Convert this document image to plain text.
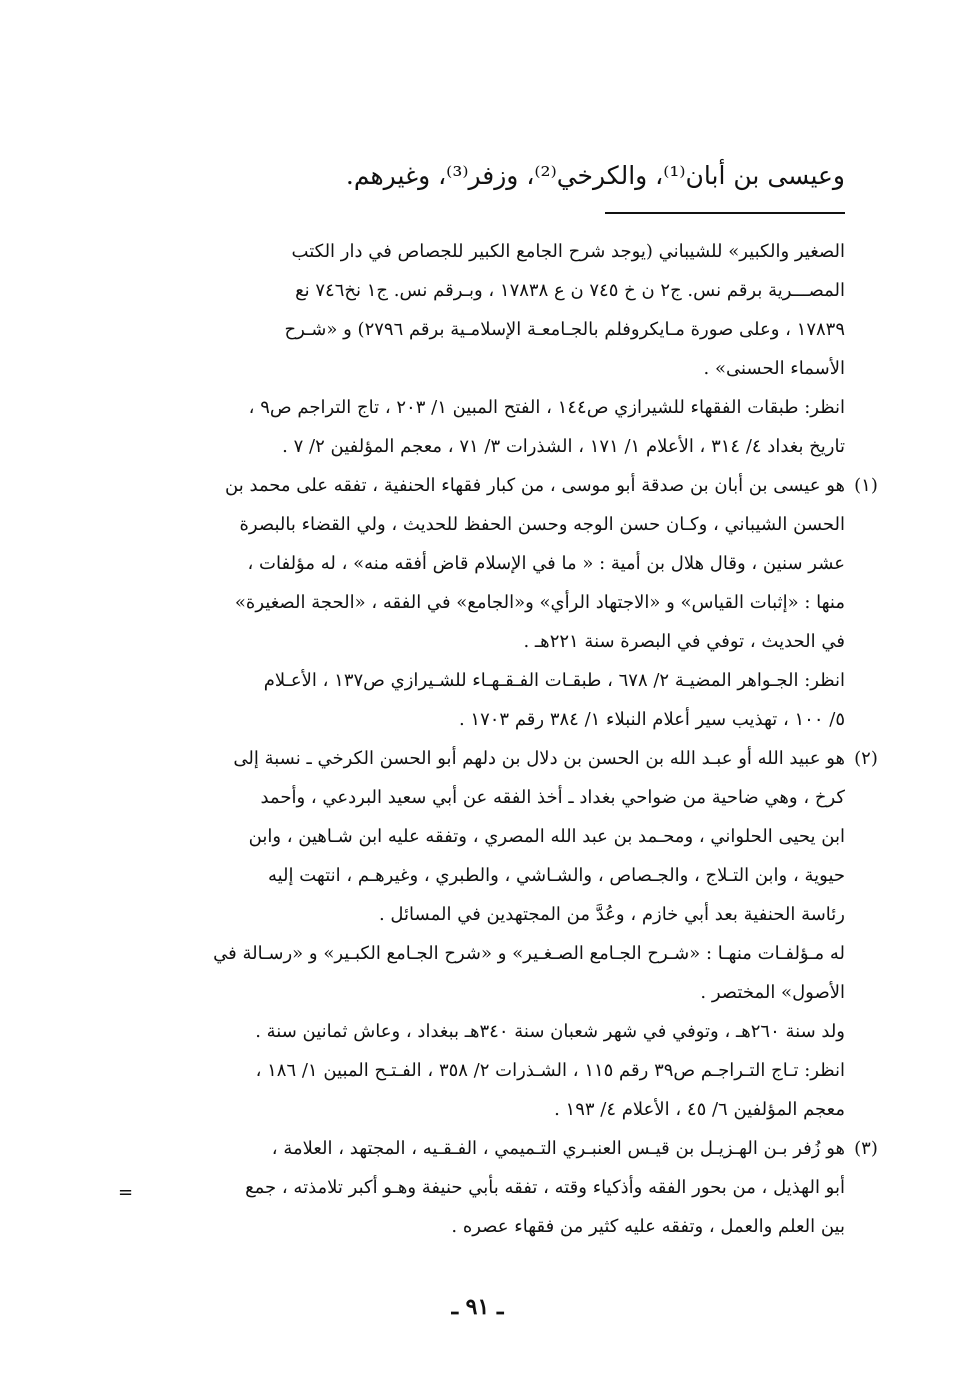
وعيسى بن أبان⁽¹⁾، والكرخي⁽²⁾، وزفر⁽³⁾، وغيرهم.
الصغير والكبير» للشيباني (يوجد شرح الجامع الكبير للجصاص في دار الكتب
المصـــرية برقم نس. ج٢ ن خ ٧٤٥ ن ع ١٧٨٣٨ ، وبـرقم نس. ج١ نخ٧٤٦ نع
١٧٨٣٩ ، وعلى صورة مـايكروفلم بالجـامعـة الإسلامـية برقم ٢٧٩٦) و «شـرح
الأسماء الحسنى» .
انظر: طبقات الفقهاء للشيرازي ص١٤٤ ، الفتح المبين ١/ ٢٠٣ ، تاج التراجم ص٩ ،
تاريخ بغداد ٤/ ٣١٤ ، الأعلام ١/ ١٧١ ، الشذرات ٣/ ٧١ ، معجم المؤلفين ٢/ ٧ .
(١)
هو عيسى بن أبان بن صدقة أبو موسى ، من كبار فقهاء الحنفية ، تفقه على محمد بن
الحسن الشيباني ، وكـان حسن الوجه وحسن الحفظ للحديث ، ولي القضاء بالبصرة
عشر سنين ، وقال هلال بن أمية : « ما في الإسلام قاض أفقه منه» ، له مؤلفات ،
منها : «إثبات القياس» و «الاجتهاد الرأي» و«الجامع» في الفقه ، «الحجة الصغيرة»
في الحديث ، توفي في البصرة سنة ٢٢١هـ .
انظر: الجـواهر المضيـة ٢/ ٦٧٨ ، طبقـات الفـقـهـاء للشـيرازي ص١٣٧ ، الأعـلام
٥/ ١٠٠ ، تهذيب سير أعلام النبلاء ١/ ٣٨٤ رقم ١٧٠٣ .
(٢)
هو عبيد الله أو عبـد الله بن الحسن بن دلال بن دلهم أبو الحسن الكرخي ـ نسبة إلى
كرخ ، وهي ضاحية من ضواحي بغداد ـ أخذ الفقه عن أبي سعيد البردعي ، وأحمد
ابن يحيى الحلواني ، ومحـمد بن عبد الله المصري ، وتفقه عليه ابن شـاهين ، وابن
حيوية ، وابن التـلاج ، والجـصاص ، والشـاشي ، والطبري ، وغيرهـم ، انتهت إليه
رئاسة الحنفية بعد أبي خازم ، وعُدَّ من المجتهدين في المسائل .
له مـؤلفـات منهـا : «شـرح الجـامع الصـغـير» و «شرح الجـامع الكبـير» و «رسـالة في
الأصول» المختصر .
ولد سنة ٢٦٠هـ ، وتوفي في شهر شعبان سنة ٣٤٠هـ ببغداد ، وعاش ثمانين سنة .
انظر: تـاج التـراجـم ص٣٩ رقم ١١٥ ، الشـذرات ٢/ ٣٥٨ ، الفـتـح المبين ١/ ١٨٦ ،
معجم المؤلفين ٦/ ٤٥ ، الأعلام ٤/ ١٩٣ .
(٣)
هو زُفر بـن الهـزيـل بن قيـس العنبـري التـميمي ، الفـقـيه ، المجتهد ، العلامة ،
أبو الهذيل ، من بحور الفقه وأذكياء وقته ، تفقه بأبي حنيفة وهـو أكبر تلامذته ، جمع
بين العلم والعمل ، وتفقه عليه كثير من فقهاء عصره .
=
ـ ٩١ ـ
